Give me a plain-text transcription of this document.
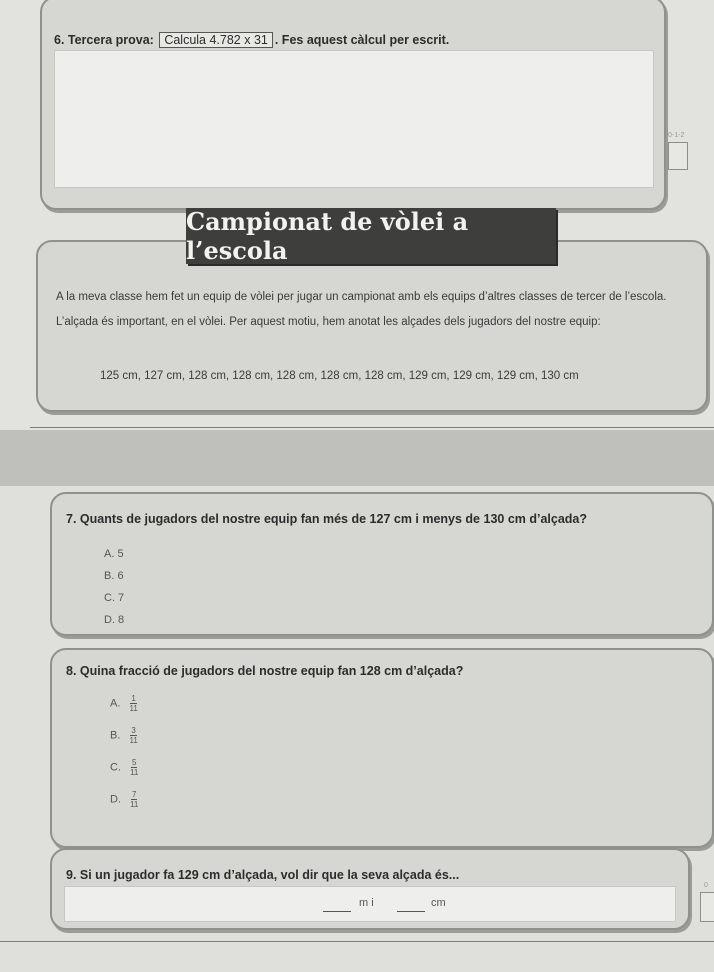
6. Tercera prova: Calcula 4.782 x 31 . Fes aquest càlcul per escrit.
0-1-2
A la meva classe hem fet un equip de vòlei per jugar un campionat amb els equips d’altres classes de tercer de l’escola.
L’alçada és important, en el vòlei. Per aquest motiu, hem anotat les alçades dels jugadors del nostre equip:
125 cm, 127 cm, 128 cm, 128 cm, 128 cm, 128 cm, 128 cm, 129 cm, 129 cm, 129 cm, 130 cm
Campionat de vòlei a l’escola
7. Quants de jugadors del nostre equip fan més de 127 cm i menys de 130 cm d’alçada?
A. 5
B. 6
C. 7
D. 8
8. Quina fracció de jugadors del nostre equip fan 128 cm d’alçada?
A. $\frac{1}{11}$
B. $\frac{3}{11}$
C. $\frac{5}{11}$
D. $\frac{7}{11}$
9. Si un jugador fa 129 cm d’alçada, vol dir que la seva alçada és...
m i	cm
0
